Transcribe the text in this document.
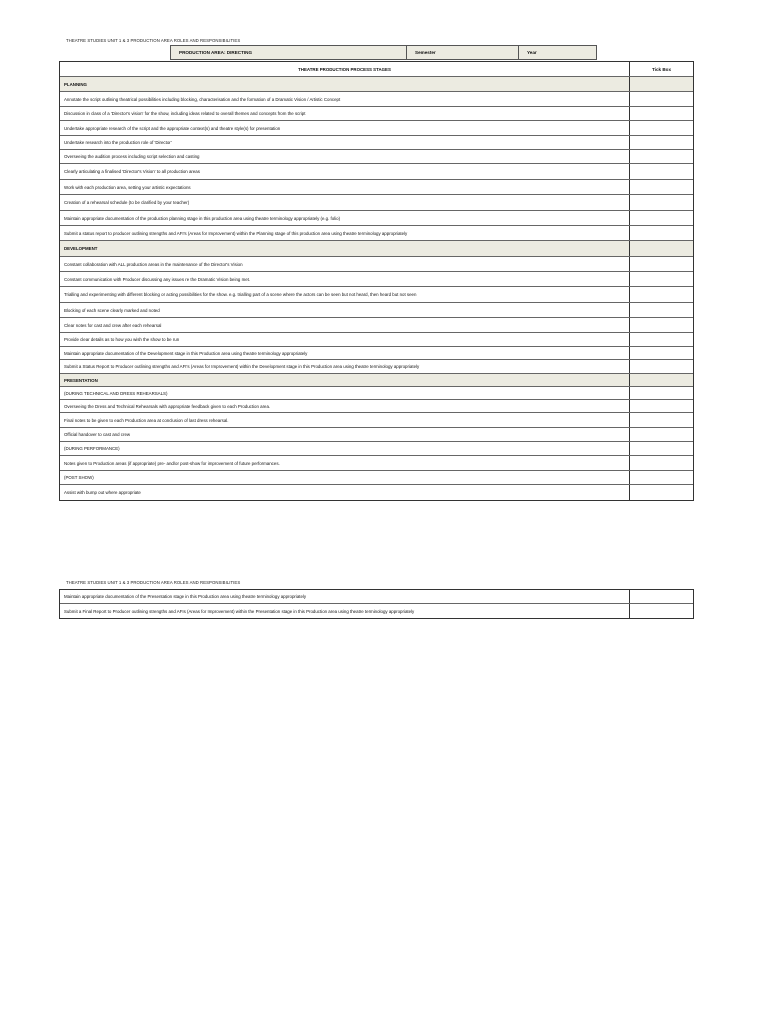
THEATRE STUDIES UNIT 1 & 3 PRODUCTION AREA ROLES AND RESPONSIBILITIES
PRODUCTION AREA: DIRECTING	Semester	Year
THEATRE PRODUCTION PROCESS STAGES	Tick Box
PLANNING
Annotate the script outlining theatrical possibilities including blocking, characterisation and the formation of a Dramatic Vision / Artistic Concept
Discussion in class of a 'Director's vision' for the show, including ideas related to overall themes and concepts from the script
Undertake appropriate research of the script and the appropriate context(s) and theatre style(s) for presentation
Undertake research into the production role of 'Director'
Overseeing the audition process including script selection and casting
Clearly articulating a finalised 'Director's Vision' to all production areas
Work with each production area, setting your artistic expectations
Creation of a rehearsal schedule (to be clarified by your teacher)
Maintain appropriate documentation of the production planning stage in this production area using theatre terminology appropriately (e.g. folio)
Submit a status report to producer outlining strengths and AFI's (Areas for Improvement) within the Planning stage of this production area using theatre terminology appropriately
DEVELOPMENT
Constant collaboration with ALL production areas in the maintenance of the Director's Vision
Constant communication with Producer discussing any issues re the Dramatic Vision being met.
Trialling and experimenting with different blocking or acting possibilities for the show. e.g. trialling part of a scene where the actors can be seen but not heard, then heard but not seen
Blocking of each scene clearly marked and noted
Clear notes for cast and crew after each rehearsal
Provide clear details as to how you wish the show to be run
Maintain appropriate documentation of the Development stage in this Production area using theatre terminology appropriately
Submit a Status Report to Producer outlining strengths and AFI's (Areas for Improvement) within the Development stage in this Production area using theatre terminology appropriately
PRESENTATION
(DURING TECHNICAL AND DRESS REHEARSALS)
Overseeing the Dress and Technical Rehearsals with appropriate feedback given to each Production area.
Final notes to be given to each Production area at conclusion of last dress rehearsal.
Official handover to cast and crew
(DURING PERFORMANCE)
Notes given to Production areas (if appropriate) pre- and/or post-show for improvement of future performances.
(POST SHOW)
Assist with bump out where appropriate
THEATRE STUDIES UNIT 1 & 3 PRODUCTION AREA ROLES AND RESPONSIBILITIES
Maintain appropriate documentation of the Presentation stage in this Production area using theatre terminology appropriately
Submit a Final Report to Producer outlining strengths and AFIs (Areas for Improvement) within the Presentation stage in this Production area using theatre terminology appropriately
